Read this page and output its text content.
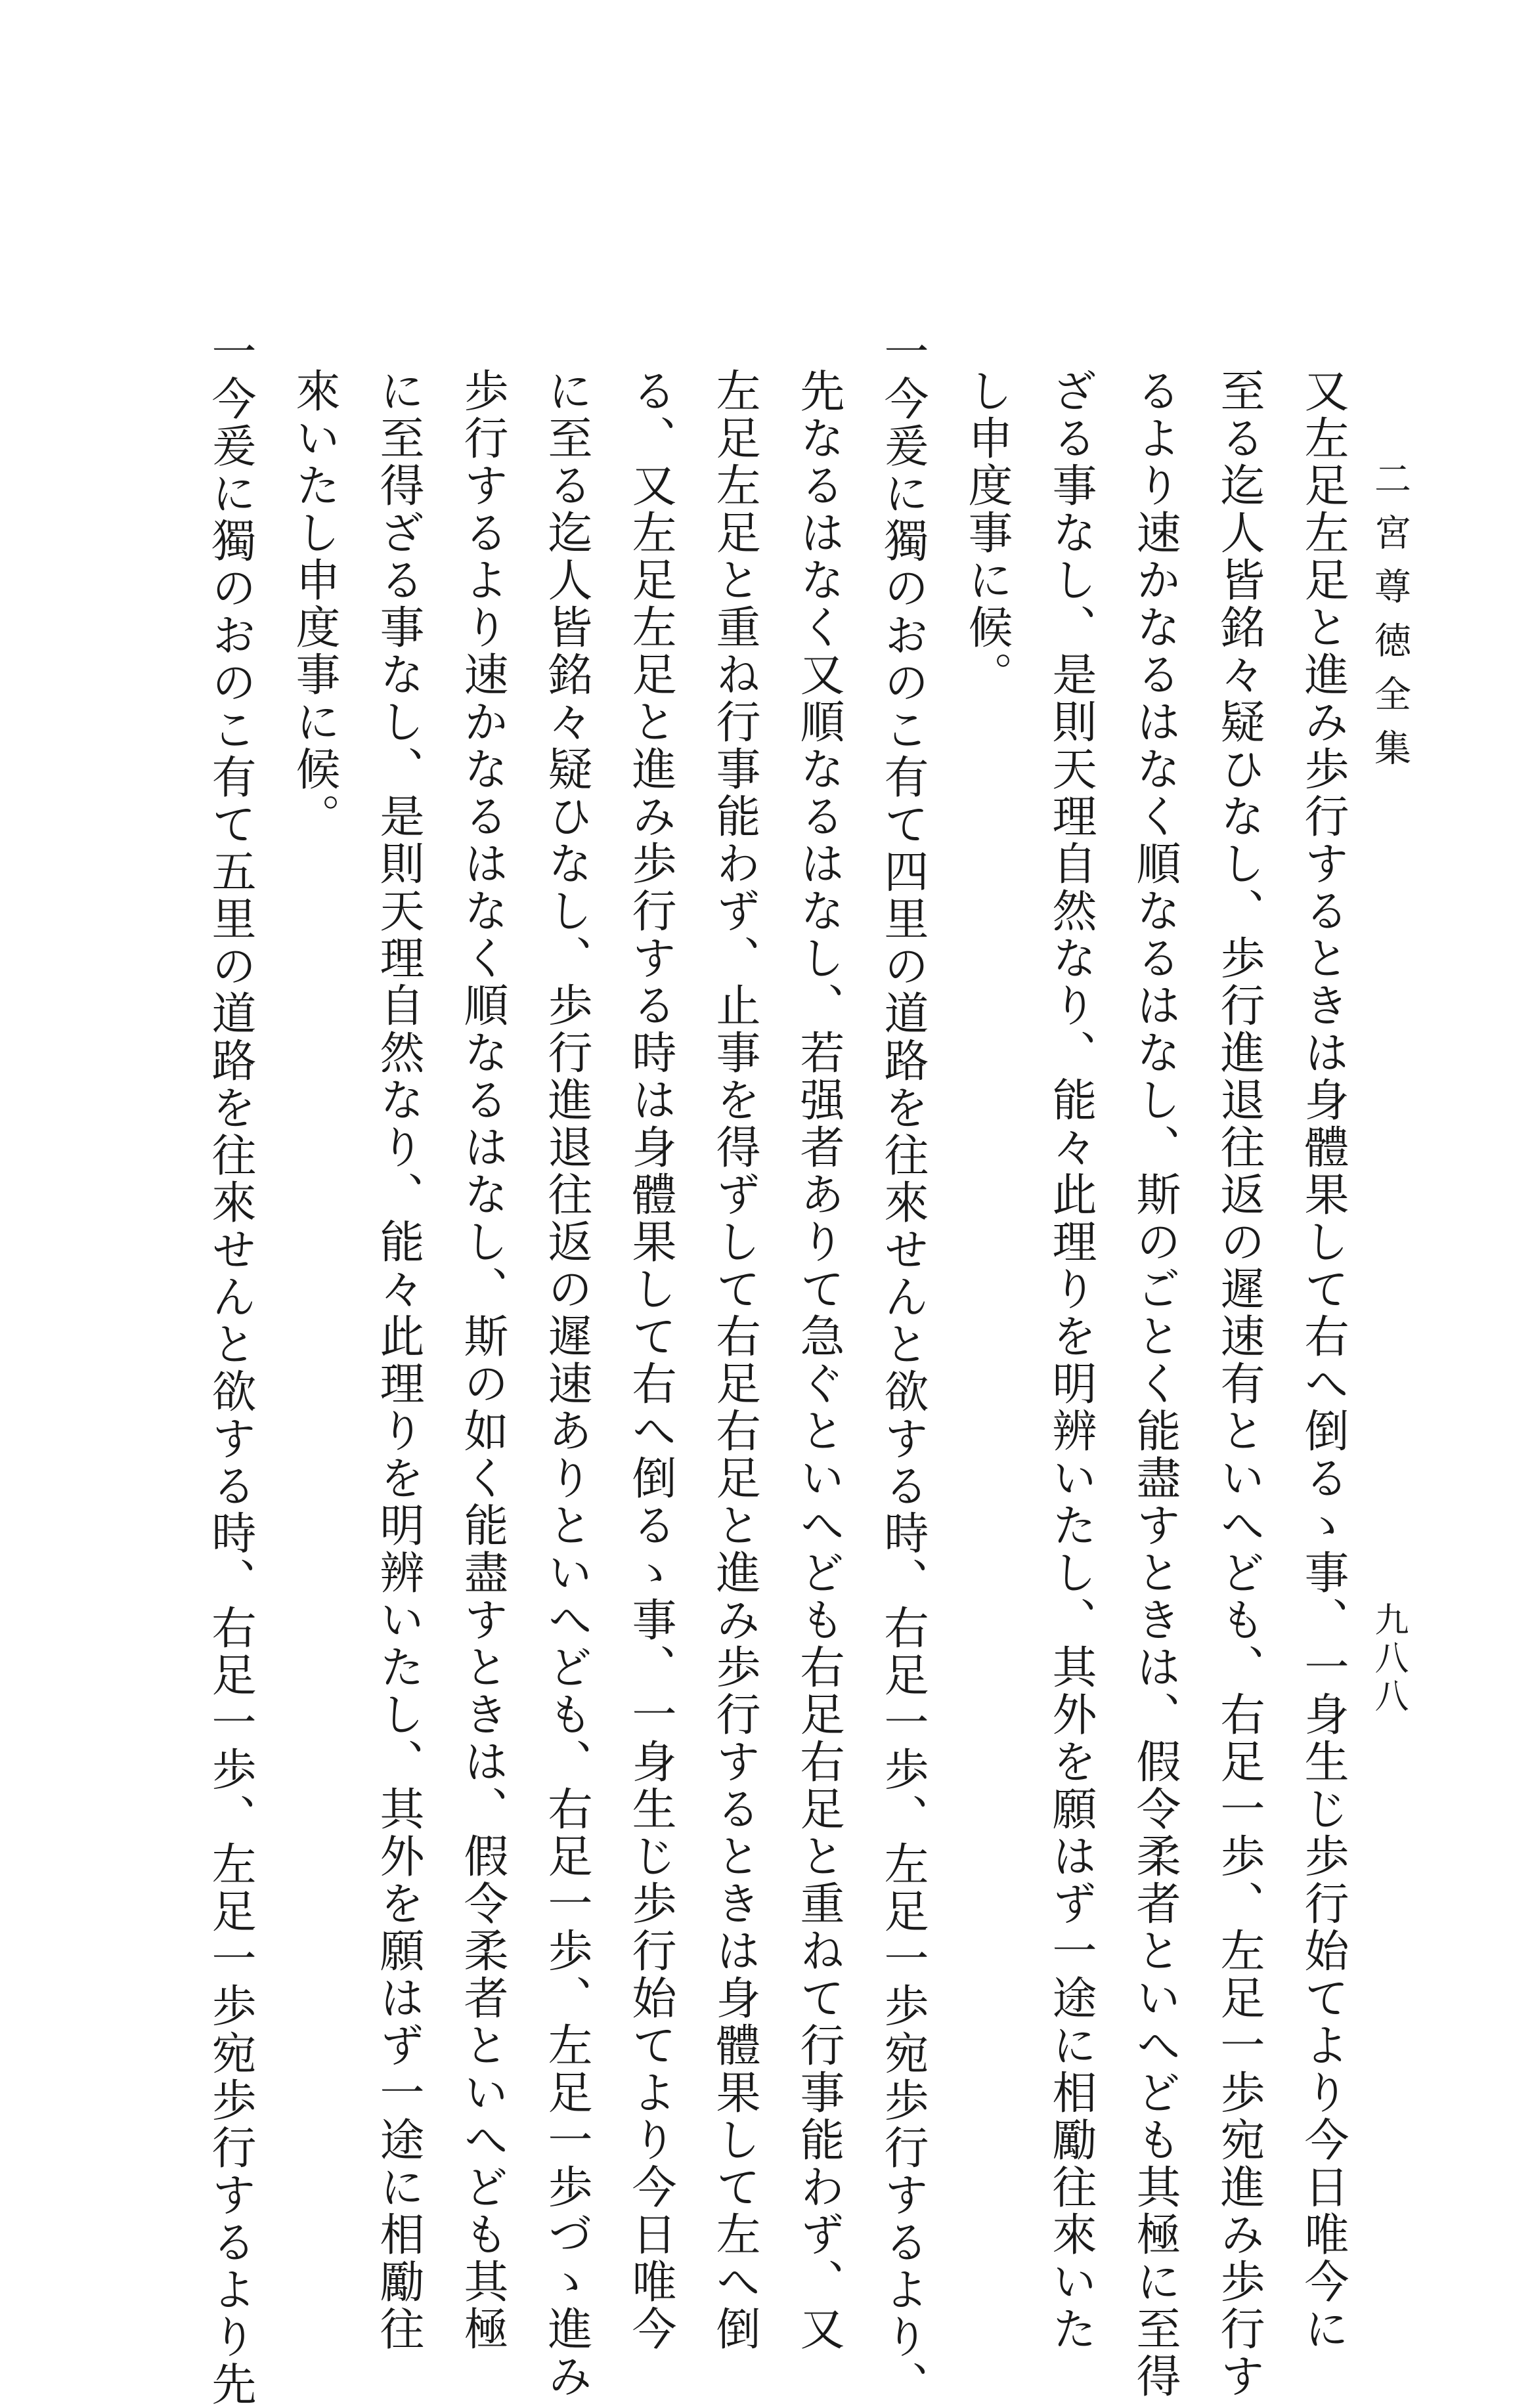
二宮尊徳全集
九八八
又左足左足と進み歩行するときは身體果して右へ倒るゝ事、一身生じ歩行始てより今日唯今に
至る迄人皆銘々疑ひなし、歩行進退往返の遲速有といへども、右足一歩、左足一歩宛進み歩行す
るより速かなるはなく順なるはなし、斯のごとく能盡すときは、假令柔者といへども其極に至得
ざる事なし、是則天理自然なり、能々此理りを明辨いたし、其外を願はず一途に相勵往來いた
し申度事に候。
一今爰に獨のおのこ有て四里の道路を往來せんと欲する時、右足一歩、左足一歩宛歩行するより、
先なるはなく又順なるはなし、若强者ありて急ぐといへども右足右足と重ねて行事能わず、又
左足左足と重ね行事能わず、止事を得ずして右足右足と進み歩行するときは身體果して左へ倒
る、又左足左足と進み歩行する時は身體果して右へ倒るゝ事、一身生じ歩行始てより今日唯今
に至る迄人皆銘々疑ひなし、歩行進退往返の遲速ありといへども、右足一歩、左足一歩づゝ進み
歩行するより速かなるはなく順なるはなし、斯の如く能盡すときは、假令柔者といへども其極
に至得ざる事なし、是則天理自然なり、能々此理りを明辨いたし、其外を願はず一途に相勵往
來いたし申度事に候。
一今爰に獨のおのこ有て五里の道路を往來せんと欲する時、右足一歩、左足一歩宛歩行するより先
